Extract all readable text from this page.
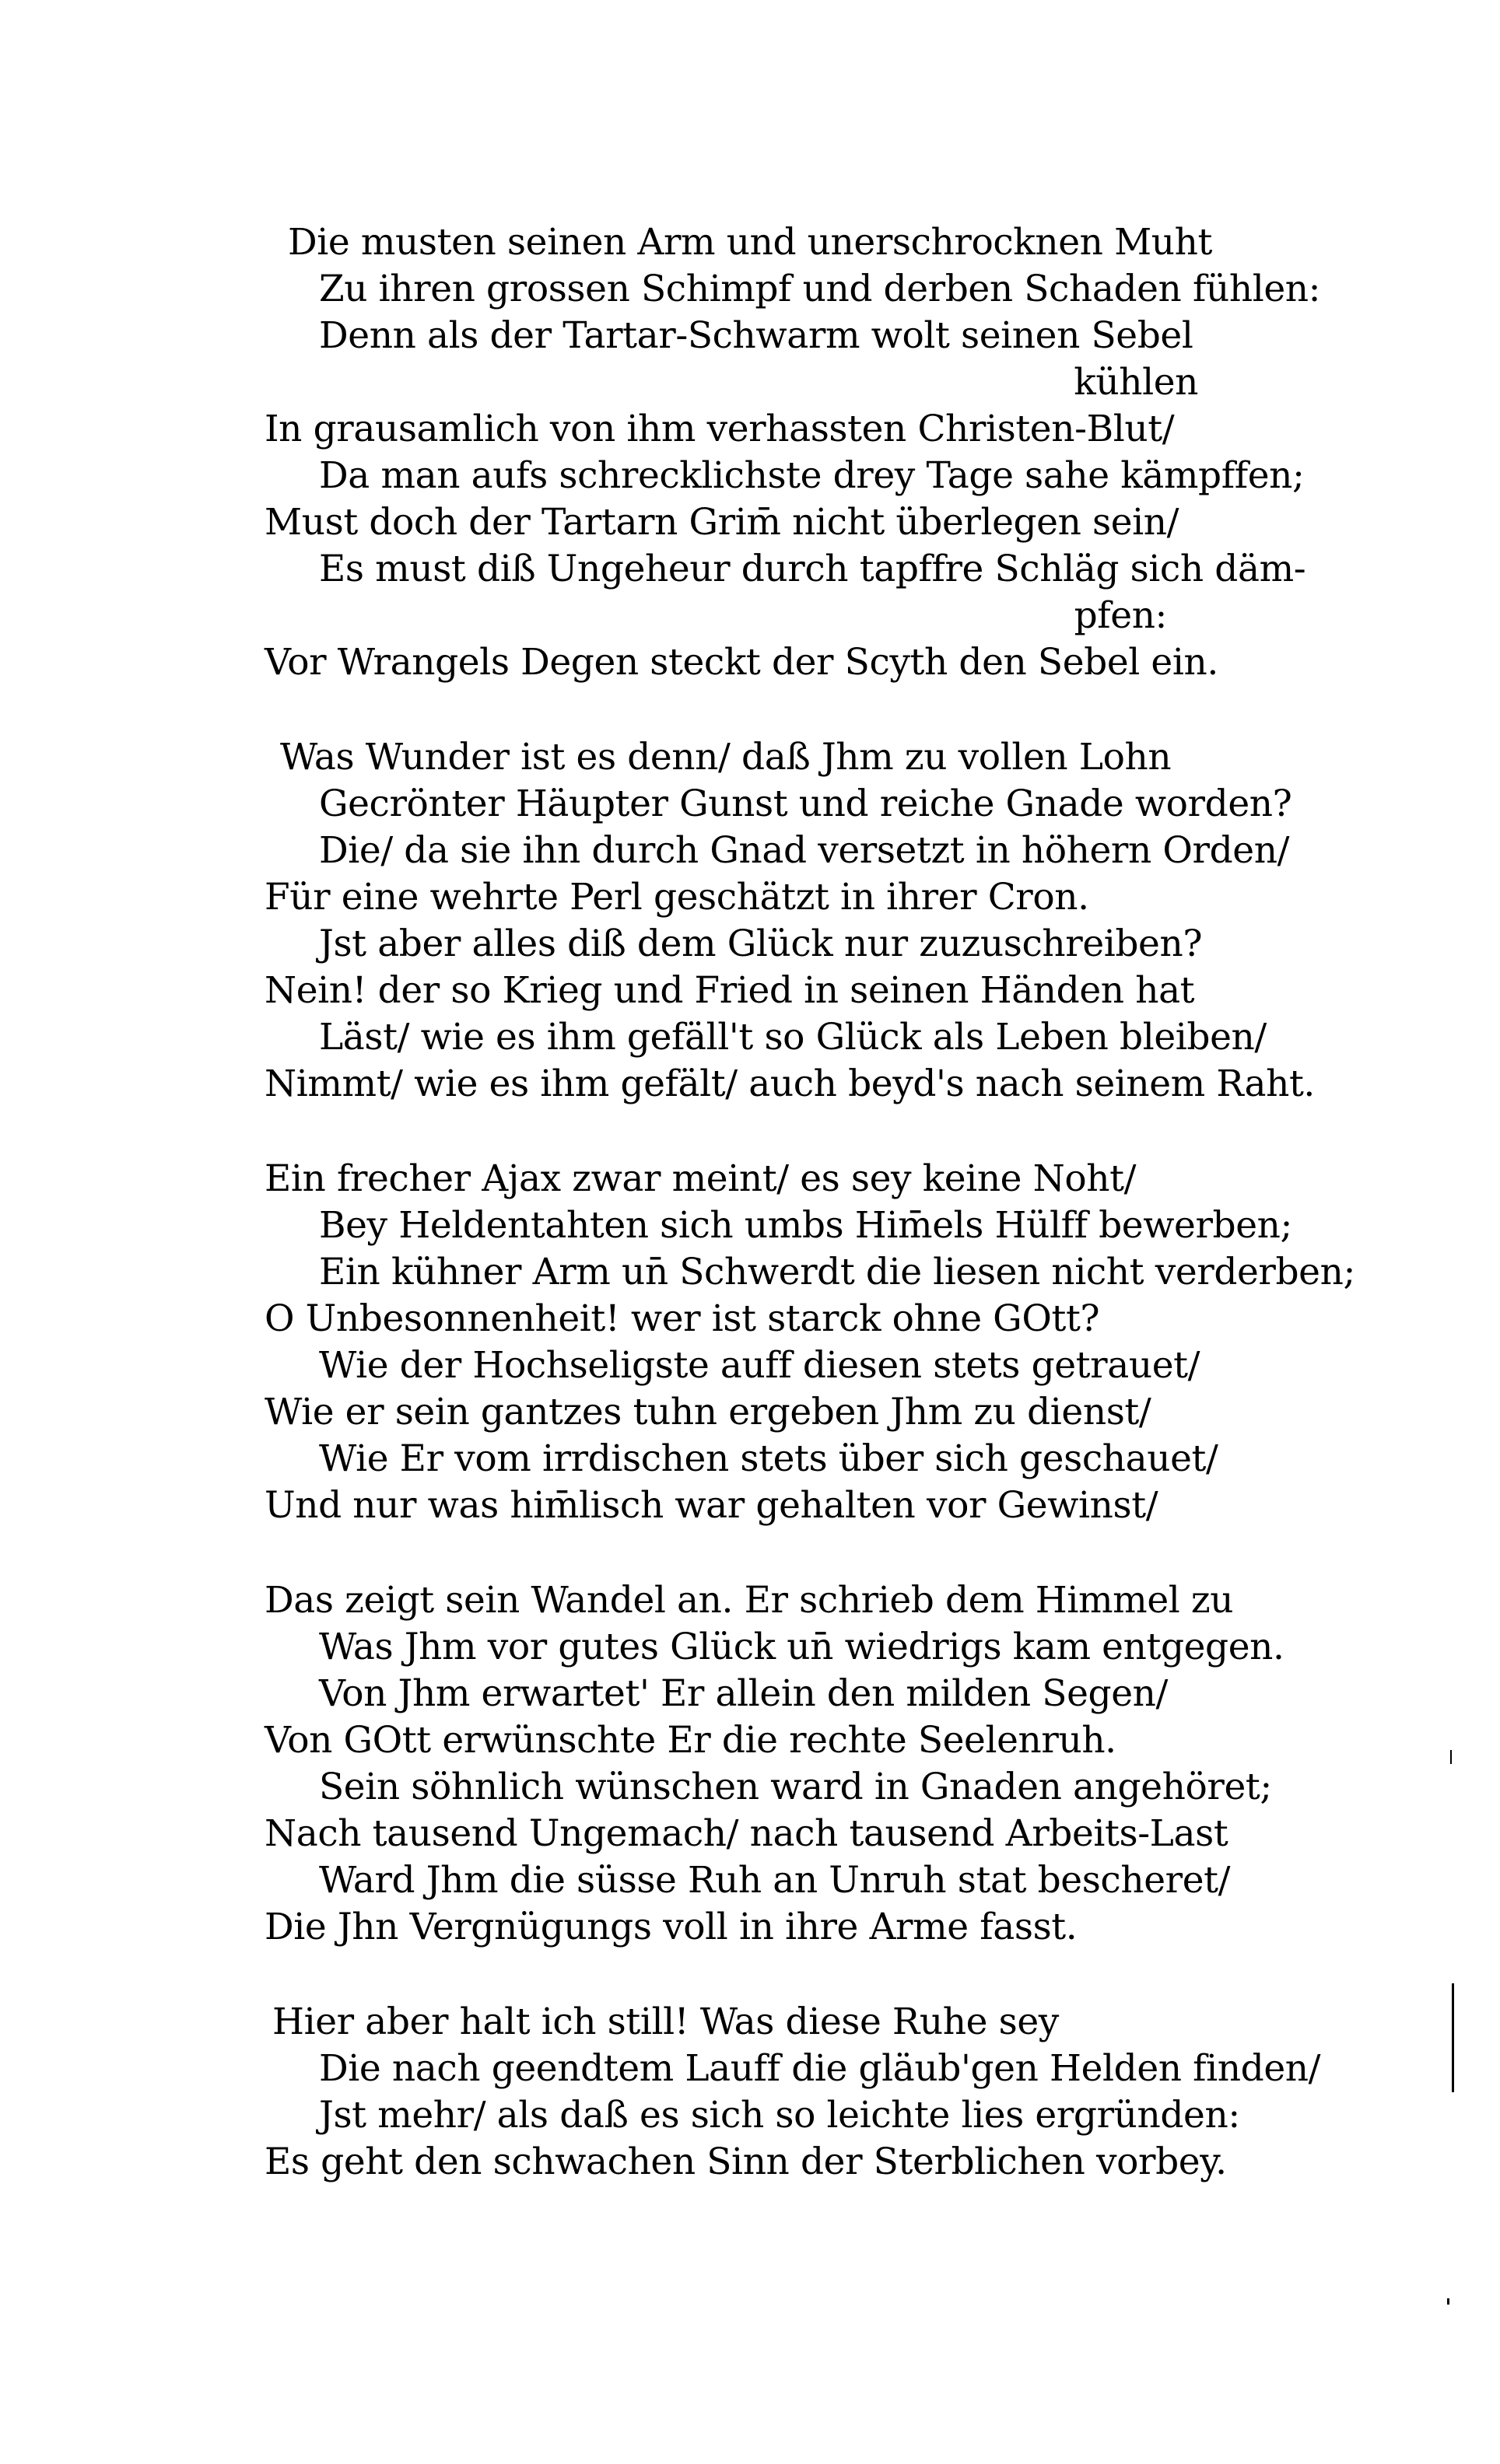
Die musten seinen Arm und unerschrocknen Muht
Zu ihren grossen Schimpf und derben Schaden fühlen:
Denn als der Tartar-Schwarm wolt seinen Sebel
kühlen
In grausamlich von ihm verhassten Christen-Blut/
Da man aufs schrecklichste drey Tage sahe kämpffen;
Must doch der Tartarn Grim̄ nicht überlegen sein/
Es must diß Ungeheur durch tapffre Schläg sich däm-
pfen:
Vor Wrangels Degen steckt der Scyth den Sebel ein.
Was Wunder ist es denn/ daß Jhm zu vollen Lohn
Gecrönter Häupter Gunst und reiche Gnade worden?
Die/ da sie ihn durch Gnad versetzt in höhern Orden/
Für eine wehrte Perl geschätzt in ihrer Cron.
Jst aber alles diß dem Glück nur zuzuschreiben?
Nein! der so Krieg und Fried in seinen Händen hat
Läst/ wie es ihm gefäll't so Glück als Leben bleiben/
Nimmt/ wie es ihm gefält/ auch beyd's nach seinem Raht.
Ein frecher Ajax zwar meint/ es sey keine Noht/
Bey Heldentahten sich umbs Him̄els Hülff bewerben;
Ein kühner Arm un̄ Schwerdt die liesen nicht verderben;
O Unbesonnenheit! wer ist starck ohne GOtt?
Wie der Hochseligste auff diesen stets getrauet/
Wie er sein gantzes tuhn ergeben Jhm zu dienst/
Wie Er vom irrdischen stets über sich geschauet/
Und nur was him̄lisch war gehalten vor Gewinst/
Das zeigt sein Wandel an. Er schrieb dem Himmel zu
Was Jhm vor gutes Glück un̄ wiedrigs kam entgegen.
Von Jhm erwartet' Er allein den milden Segen/
Von GOtt erwünschte Er die rechte Seelenruh.
Sein söhnlich wünschen ward in Gnaden angehöret;
Nach tausend Ungemach/ nach tausend Arbeits-Last
Ward Jhm die süsse Ruh an Unruh stat bescheret/
Die Jhn Vergnügungs voll in ihre Arme fasst.
Hier aber halt ich still! Was diese Ruhe sey
Die nach geendtem Lauff die gläub'gen Helden finden/
Jst mehr/ als daß es sich so leichte lies ergründen:
Es geht den schwachen Sinn der Sterblichen vorbey.
